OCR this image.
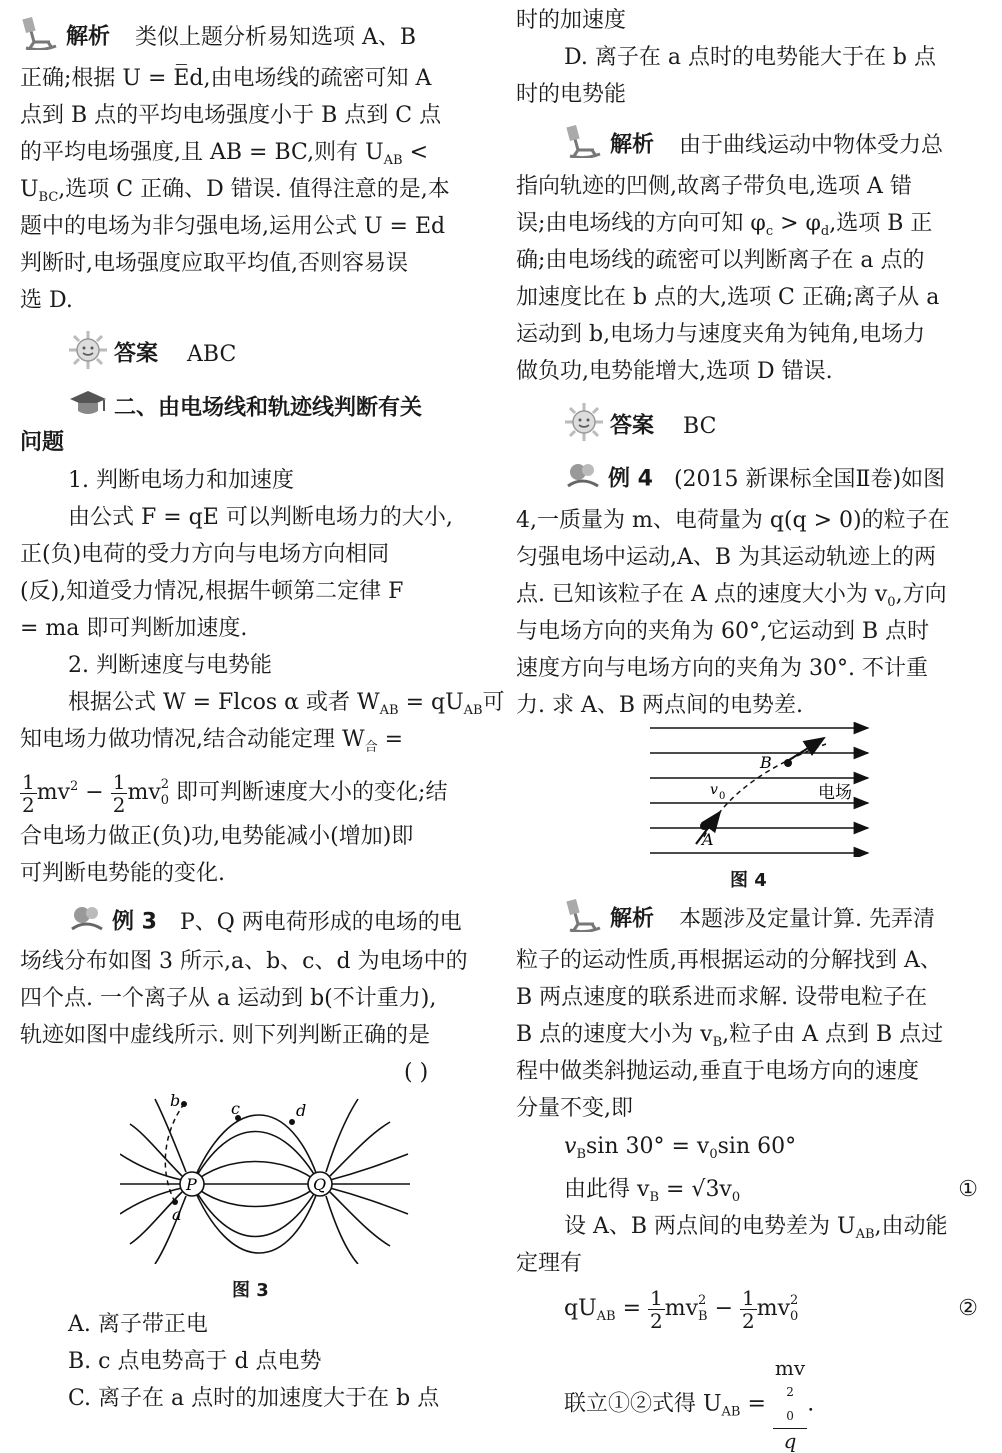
解析 类似上题分析易知选项 A、B
正确;根据 U = E̅d,由电场线的疏密可知 A
点到 B 点的平均电场强度小于 B 点到 C 点
的平均电场强度,且 AB = BC,则有 $U_{AB}$ <
$U_{BC}$,选项 C 正确、D 错误. 值得注意的是,本
题中的电场为非匀强电场,运用公式 U = Ed
判断时,电场强度应取平均值,否则容易误
选 D.
答案 ABC
二、由电场线和轨迹线判断有关
问题
1. 判断电场力和加速度
由公式 F = qE 可以判断电场力的大小,
正(负)电荷的受力方向与电场方向相同
(反),知道受力情况,根据牛顿第二定律 F
= ma 即可判断加速度.
2. 判断速度与电势能
根据公式 W = Flcos α 或者 $W_{AB} = qU_{AB}$可
知电场力做功情况,结合动能定理 $W_合$ =
$\frac{1}{2} mv^2 - \frac{1}{2}$ mv 2
$_0$ 即可判断速度大小的变化;结
合电场力做正(负)功,电势能减小(增加)即
可判断电势能的变化.
例 3 P、Q 两电荷形成的电场的电
场线分布如图 3 所示,a、b、c、d 为电场中的
四个点. 一个离子从 a 运动到 b(不计重力),
轨迹如图中虚线所示. 则下列判断正确的是
( )
P	Q
b	c	d
a
图 3
A. 离子带正电
B. c 点电势高于 d 点电势
C. 离子在 a 点时的加速度大于在 b 点
时的加速度
D. 离子在 a 点时的电势能大于在 b 点
时的电势能
解析 由于曲线运动中物体受力总
指向轨迹的凹侧,故离子带负电,选项 A 错
误;由电场线的方向可知 $\varphi_c > \varphi_d$,选项 B 正
确;由电场线的疏密可以判断离子在 a 点的
加速度比在 b 点的大,选项 C 正确;离子从 a
运动到 b,电场力与速度夹角为钝角,电场力
做负功,电势能增大,选项 D 错误.
答案 BC
例 4 (2015 新课标全国Ⅱ卷)如图
4,一质量为 m、电荷量为 q(q > 0)的粒子在
匀强电场中运动,A、B 为其运动轨迹上的两
点. 已知该粒子在 A 点的速度大小为 $v_0$,方向
与电场方向的夹角为 60°,它运动到 B 点时
速度方向与电场方向的夹角为 30°. 不计重
力. 求 A、B 两点间的电势差.
A
B
v 0	电场
图 4
解析 本题涉及定量计算. 先弄清
粒子的运动性质,再根据运动的分解找到 A、
B 两点速度的联系进而求解. 设带电粒子在
B 点的速度大小为 $v_B$,粒子由 A 点到 B 点过
程中做类斜抛运动,垂直于电场方向的速度
分量不变,即
$v_B\sin$ $30^\circ = v_0\sin$ 60°
由此得 $v_B = √3v_0$	①
设 A、B 两点间的电势差为 $U_{AB}$,由动能
定理有
$qU_{AB} = \frac{1}{2}$ mv 2
$_B - \frac{1}{2}$ mv 2
$_0$	②
联立①②式得 $U_{AB}$ = mv
2
0
q.
